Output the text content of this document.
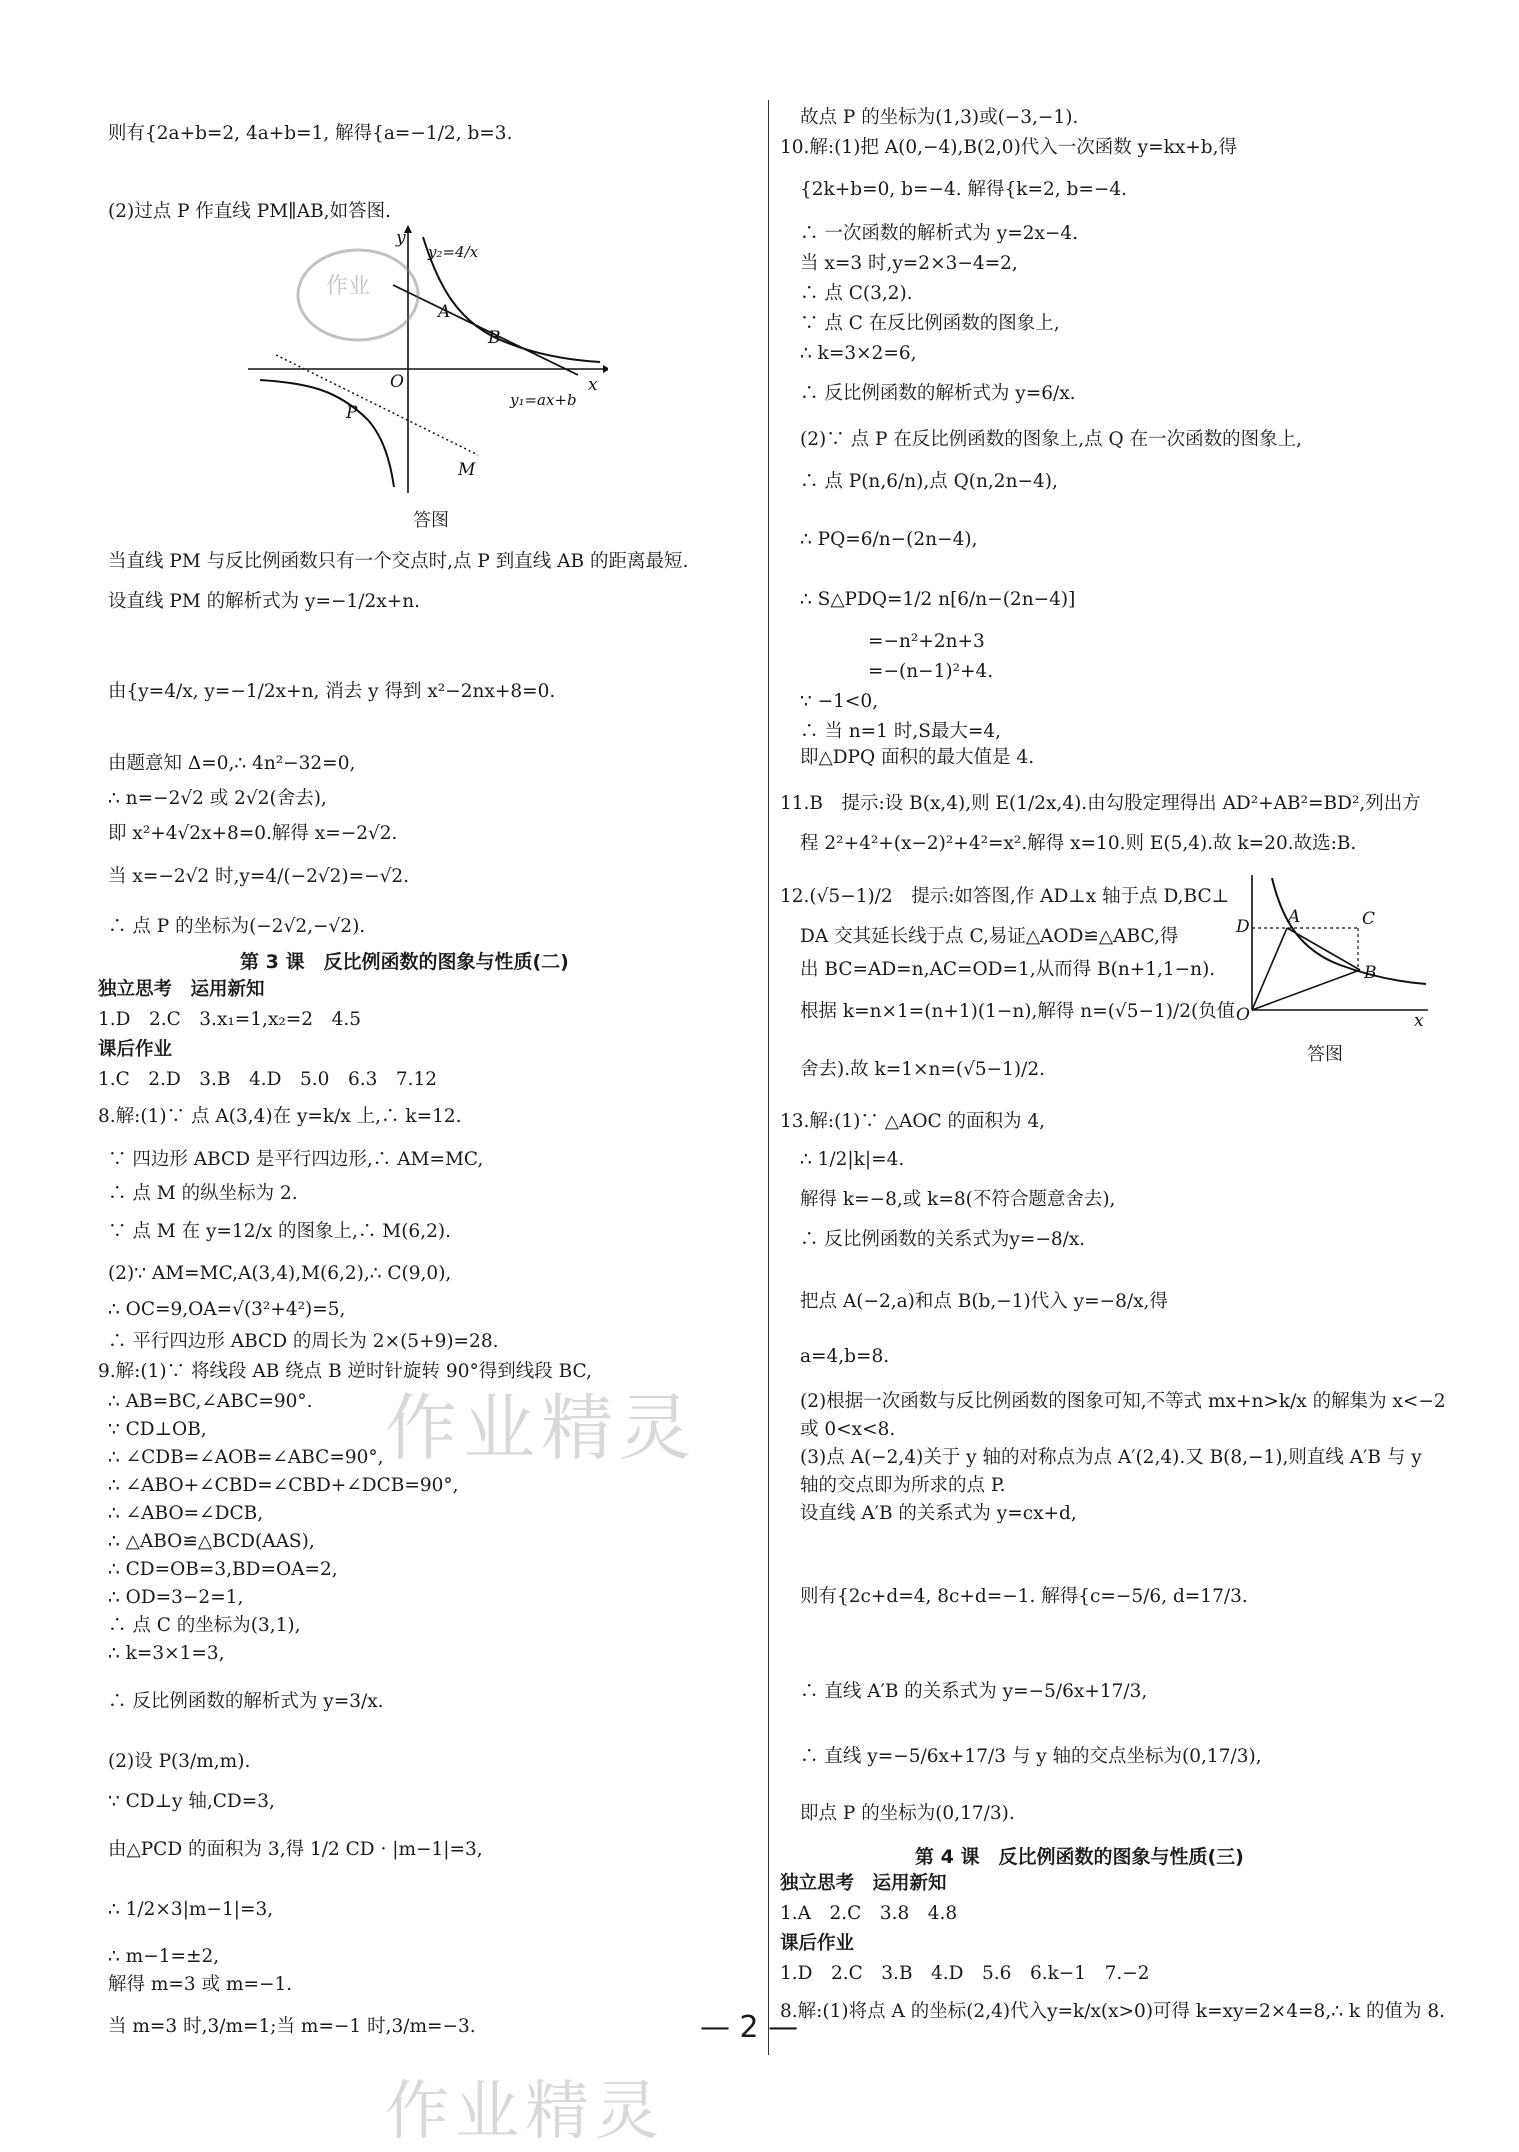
则有{2a+b=2, 4a+b=1, 解得{a=−1/2, b=3.
(2)过点 P 作直线 PM∥AB,如答图.
作业
y
y₂=4/x
A
B
O	x
y₁=ax+b
P
M
答图
当直线 PM 与反比例函数只有一个交点时,点 P 到直线 AB 的距离最短.
设直线 PM 的解析式为 y=−1/2x+n.
由{y=4/x, y=−1/2x+n, 消去 y 得到 x²−2nx+8=0.
由题意知 Δ=0,∴ 4n²−32=0,
∴ n=−2√2 或 2√2(舍去),
即 x²+4√2x+8=0.解得 x=−2√2.
当 x=−2√2 时,y=4/(−2√2)=−√2.
∴ 点 P 的坐标为(−2√2,−√2).
第 3 课　反比例函数的图象与性质(二)
独立思考　运用新知
1.D　2.C　3.x₁=1,x₂=2　4.5
课后作业
1.C　2.D　3.B　4.D　5.0　6.3　7.12
8.解:(1)∵ 点 A(3,4)在 y=k/x 上,∴ k=12.
∵ 四边形 ABCD 是平行四边形,∴ AM=MC,
∴ 点 M 的纵坐标为 2.
∵ 点 M 在 y=12/x 的图象上,∴ M(6,2).
(2)∵ AM=MC,A(3,4),M(6,2),∴ C(9,0),
∴ OC=9,OA=√(3²+4²)=5,
∴ 平行四边形 ABCD 的周长为 2×(5+9)=28.
9.解:(1)∵ 将线段 AB 绕点 B 逆时针旋转 90°得到线段 BC,
∴ AB=BC,∠ABC=90°.
∵ CD⊥OB,
∴ ∠CDB=∠AOB=∠ABC=90°,
∴ ∠ABO+∠CBD=∠CBD+∠DCB=90°,
∴ ∠ABO=∠DCB,
∴ △ABO≌△BCD(AAS),
∴ CD=OB=3,BD=OA=2,
∴ OD=3−2=1,
∴ 点 C 的坐标为(3,1),
∴ k=3×1=3,
∴ 反比例函数的解析式为 y=3/x.
(2)设 P(3/m,m).
∵ CD⊥y 轴,CD=3,
由△PCD 的面积为 3,得 1/2 CD · |m−1|=3,
∴ 1/2×3|m−1|=3,
∴ m−1=±2,
解得 m=3 或 m=−1.
当 m=3 时,3/m=1;当 m=−1 时,3/m=−3.
故点 P 的坐标为(1,3)或(−3,−1).
10.解:(1)把 A(0,−4),B(2,0)代入一次函数 y=kx+b,得
{2k+b=0, b=−4. 解得{k=2, b=−4.
∴ 一次函数的解析式为 y=2x−4.
当 x=3 时,y=2×3−4=2,
∴ 点 C(3,2).
∵ 点 C 在反比例函数的图象上,
∴ k=3×2=6,
∴ 反比例函数的解析式为 y=6/x.
(2)∵ 点 P 在反比例函数的图象上,点 Q 在一次函数的图象上,
∴ 点 P(n,6/n),点 Q(n,2n−4),
∴ PQ=6/n−(2n−4),
∴ S△PDQ=1/2 n[6/n−(2n−4)]
=−n²+2n+3
=−(n−1)²+4.
∵ −1<0,
∴ 当 n=1 时,S最大=4,
即△DPQ 面积的最大值是 4.
11.B　提示:设 B(x,4),则 E(1/2x,4).由勾股定理得出 AD²+AB²=BD²,列出方
程 2²+4²+(x−2)²+4²=x².解得 x=10.则 E(5,4).故 k=20.故选:B.
12.(√5−1)/2　提示:如答图,作 AD⊥x 轴于点 D,BC⊥
DA 交其延长线于点 C,易证△AOD≌△ABC,得
出 BC=AD=n,AC=OD=1,从而得 B(n+1,1−n).
根据 k=n×1=(n+1)(1−n),解得 n=(√5−1)/2(负值
舍去).故 k=1×n=(√5−1)/2.
D A	C
B
O	x
答图
13.解:(1)∵ △AOC 的面积为 4,
∴ 1/2|k|=4.
解得 k=−8,或 k=8(不符合题意舍去),
∴ 反比例函数的关系式为y=−8/x.
把点 A(−2,a)和点 B(b,−1)代入 y=−8/x,得
a=4,b=8.
(2)根据一次函数与反比例函数的图象可知,不等式 mx+n>k/x 的解集为 x<−2
或 0<x<8.
(3)点 A(−2,4)关于 y 轴的对称点为点 A′(2,4).又 B(8,−1),则直线 A′B 与 y
轴的交点即为所求的点 P.
设直线 A′B 的关系式为 y=cx+d,
则有{2c+d=4, 8c+d=−1. 解得{c=−5/6, d=17/3.
∴ 直线 A′B 的关系式为 y=−5/6x+17/3,
∴ 直线 y=−5/6x+17/3 与 y 轴的交点坐标为(0,17/3),
即点 P 的坐标为(0,17/3).
第 4 课　反比例函数的图象与性质(三)
独立思考　运用新知
1.A　2.C　3.8　4.8
课后作业
1.D　2.C　3.B　4.D　5.6　6.k−1　7.−2
8.解:(1)将点 A 的坐标(2,4)代入y=k/x(x>0)可得 k=xy=2×4=8,∴ k 的值为 8.
作业精灵
作业精灵
— 2 —
